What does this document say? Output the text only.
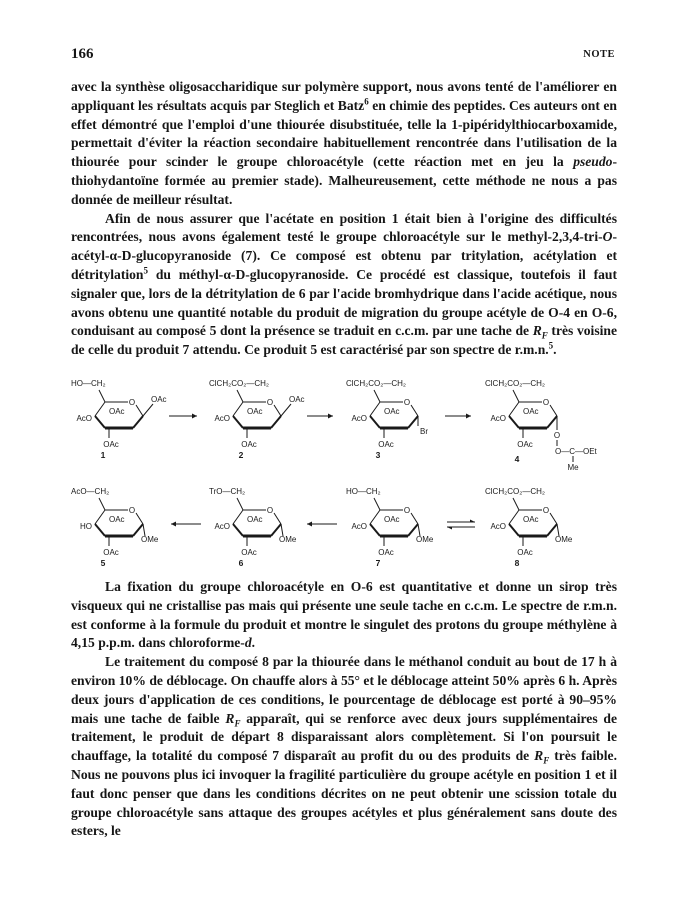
166	NOTE

avec la synthèse oligosaccharidique sur polymère support, nous avons tenté de l'améliorer en appliquant les résultats acquis par Steglich et Batz$^6$ en chimie des peptides. Ces auteurs ont en effet démontré que l'emploi d'une thiourée disubstituée, telle la 1-pipéridylthiocarboxamide, permettait d'éviter la réaction secondaire habituellement rencontrée dans l'utilisation de la thiourée pour scinder le groupe chloroacétyle (cette réaction met en jeu la pseudo-thiohydantoïne formée au premier stade). Malheureusement, cette méthode ne nous a pas donnée de meilleur résultat.

Afin de nous assurer que l'acétate en position 1 était bien à l'origine des difficultés rencontrées, nous avons également testé le groupe chloroacétyle sur le methyl-2,3,4-tri-O-acétyl-α-D-glucopyranoside (7). Ce composé est obtenu par tritylation, acétylation et détritylation$^5$ du méthyl-α-D-glucopyranoside. Ce procédé est classique, toutefois il faut signaler que, lors de la détritylation de 6 par l'acide bromhydrique dans l'acide acétique, nous avons obtenu une quantité notable du produit de migration du groupe acétyle de O-4 en O-6, conduisant au composé 5 dont la présence se traduit en c.c.m. par une tache de $R_F$ très voisine de celle du produit 7 attendu. Ce produit 5 est caractérisé par son spectre de r.m.n.$^5$.

HO—CH₂
O OAc
OAc
OAc
AcO
1
ClCH₂CO₂—CH₂
O OAc
OAc
OAc
AcO
2
ClCH₂CO₂—CH₂
O
Br
OAc
OAc
AcO
3
ClCH₂CO₂—CH₂
O
O
O—C—OEt
Me
OAc
OAc
AcO
4
AcO—CH₂
O
OMe
OAc
OAc
HO
5
TrO—CH₂
O
OMe
OAc
OAc
AcO
6
HO—CH₂
O
OMe
OAc
OAc
AcO
7
ClCH₂CO₂—CH₂
O
OMe
OAc
OAc
AcO
8

La fixation du groupe chloroacétyle en O-6 est quantitative et donne un sirop très visqueux qui ne cristallise pas mais qui présente une seule tache en c.c.m. Le spectre de r.m.n. est conforme à la formule du produit et montre le singulet des protons du groupe méthylène à 4,15 p.p.m. dans chloroforme-d.

Le traitement du composé 8 par la thiourée dans le méthanol conduit au bout de 17 h à environ 10% de déblocage. On chauffe alors à 55° et le déblocage atteint 50% après 6 h. Après deux jours d'application de ces conditions, le pourcentage de déblocage est porté à 90–95% mais une tache de faible $R_F$ apparaît, qui se renforce avec deux jours supplémentaires de traitement, le produit de départ 8 disparaissant alors complètement. Si l'on poursuit le chauffage, la totalité du composé 7 disparaît au profit du ou des produits de $R_F$ très faible. Nous ne pouvons plus ici invoquer la fragilité particulière du groupe acétyle en position 1 et il faut donc penser que dans les conditions décrites on ne peut obtenir une scission totale du groupe chloroacétyle sans attaque des groupes acétyles et plus généralement sans doute des esters, le
